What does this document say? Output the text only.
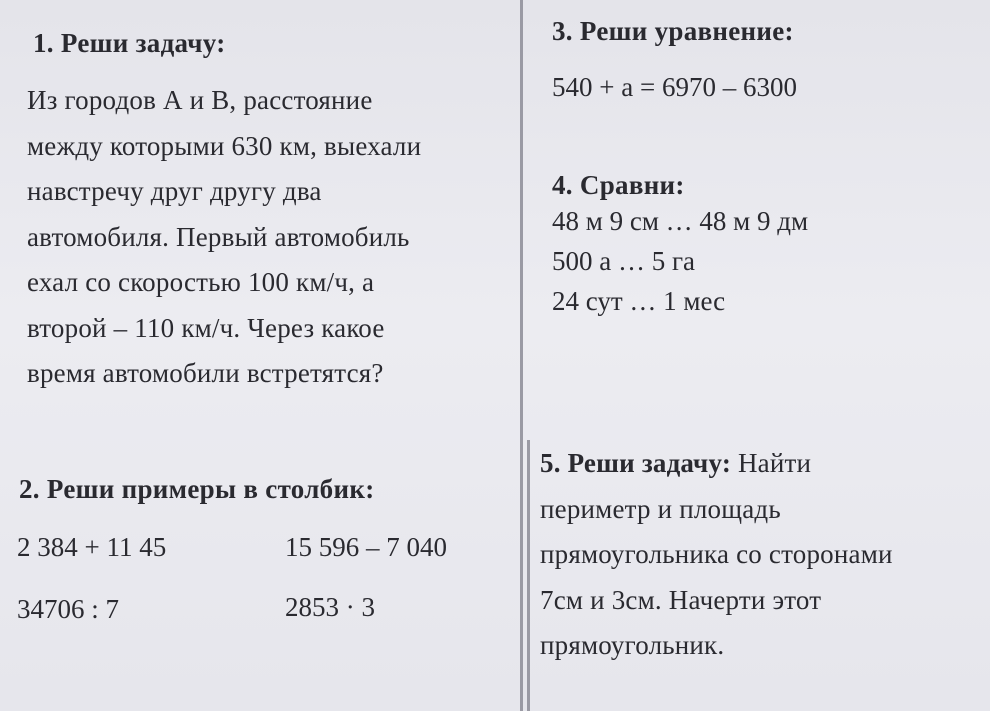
1. Реши задачу:
Из городов А и В, расстояние
между которыми 630 км, выехали
навстречу друг другу два
автомобиля. Первый автомобиль
ехал со скоростью 100 км/ч, а
второй – 110 км/ч. Через какое
время автомобили встретятся?
2. Реши примеры в столбик:
2 384 + 11 45	15 596 – 7 040
34706 : 7	2853 · 3
3. Реши уравнение:
540 + а = 6970 – 6300
4. Сравни:
48 м 9 см … 48 м 9 дм
500 а … 5 га
24 сут … 1 мес
5. Реши задачу: Найти
периметр и площадь
прямоугольника со сторонами
7см и 3см. Начерти этот
прямоугольник.
